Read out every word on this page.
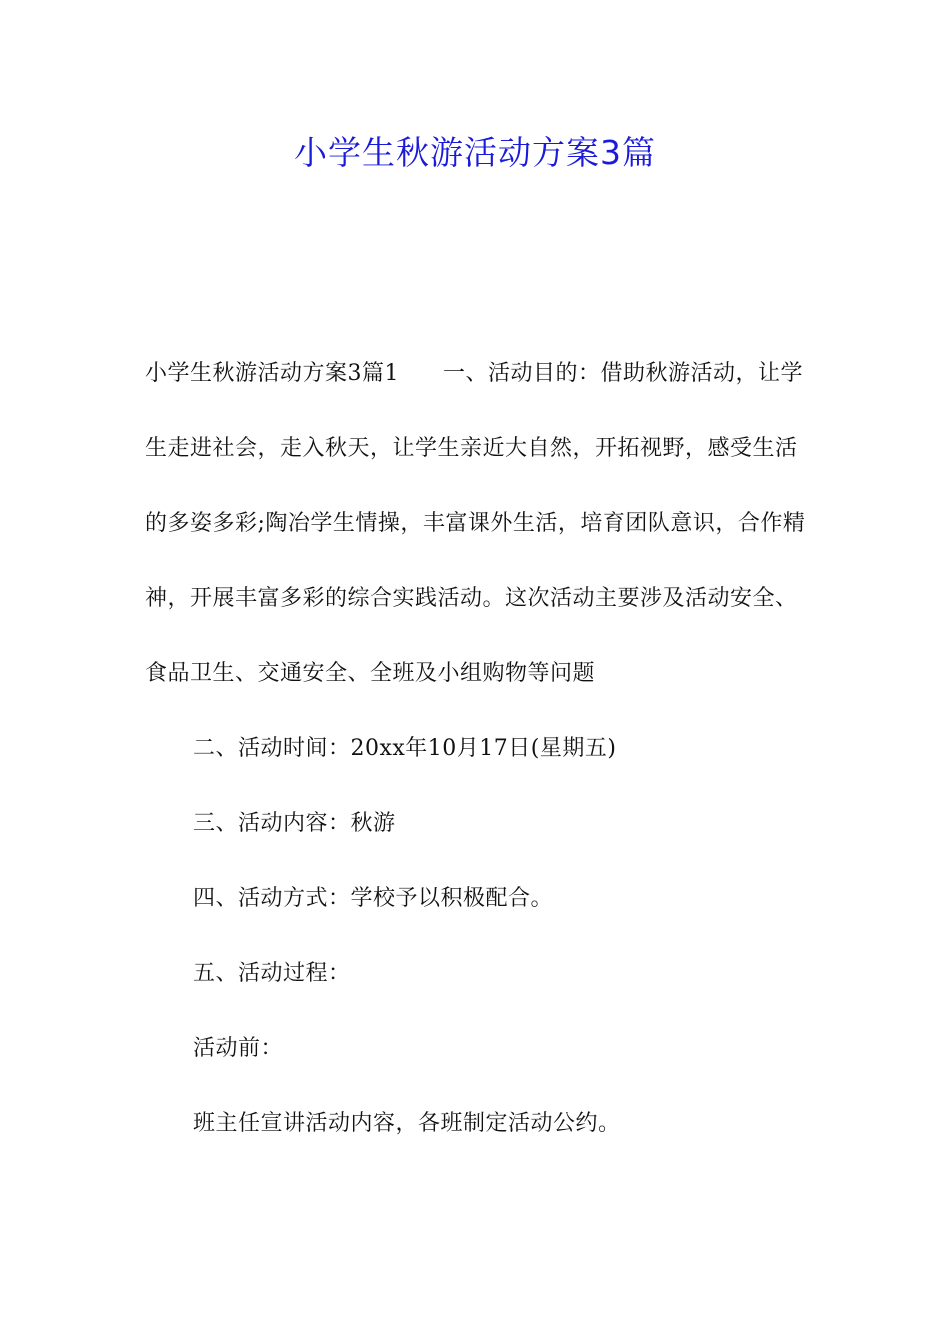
小学生秋游活动方案3篇

小学生秋游活动方案3篇1 一、活动目的：借助秋游活动，让学生走进社会，走入秋天，让学生亲近大自然，开拓视野，感受生活的多姿多彩;陶冶学生情操，丰富课外生活，培育团队意识，合作精神，开展丰富多彩的综合实践活动。这次活动主要涉及活动安全、食品卫生、交通安全、全班及小组购物等问题

二、活动时间：20xx年10月17日(星期五)

三、活动内容：秋游

四、活动方式：学校予以积极配合。

五、活动过程：

活动前：

班主任宣讲活动内容，各班制定活动公约。
